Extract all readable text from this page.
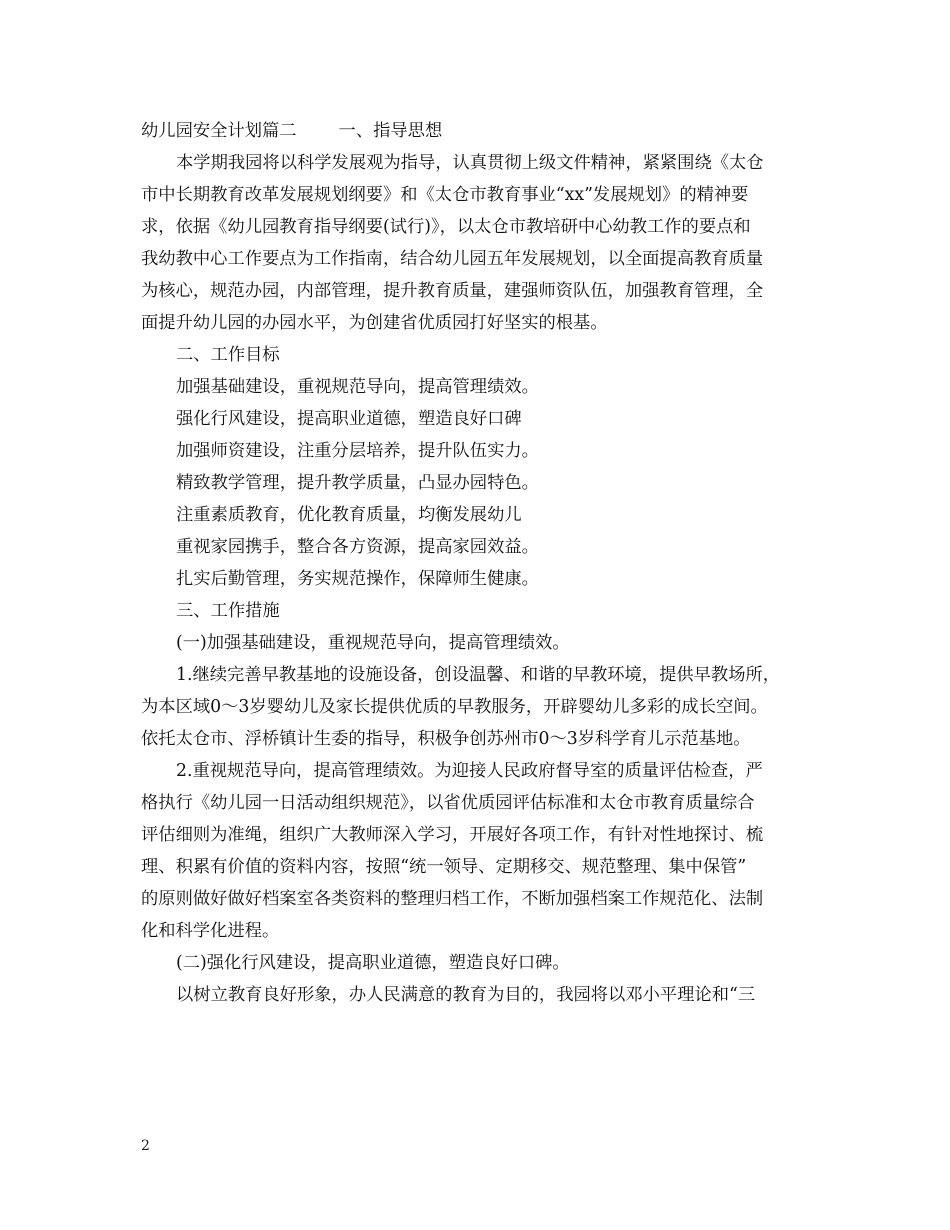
幼儿园安全计划篇二 一、指导思想
本学期我园将以科学发展观为指导，认真贯彻上级文件精神，紧紧围绕《太仓
市中长期教育改革发展规划纲要》和《太仓市教育事业“xx”发展规划》的精神要
求，依据《幼儿园教育指导纲要(试行)》，以太仓市教培研中心幼教工作的要点和
我幼教中心工作要点为工作指南，结合幼儿园五年发展规划，以全面提高教育质量
为核心，规范办园，内部管理，提升教育质量，建强师资队伍，加强教育管理，全
面提升幼儿园的办园水平，为创建省优质园打好坚实的根基。
二、工作目标
加强基础建设，重视规范导向，提高管理绩效。
强化行风建设，提高职业道德，塑造良好口碑
加强师资建设，注重分层培养，提升队伍实力。
精致教学管理，提升教学质量，凸显办园特色。
注重素质教育，优化教育质量，均衡发展幼儿
重视家园携手，整合各方资源，提高家园效益。
扎实后勤管理，务实规范操作，保障师生健康。
三、工作措施
(一)加强基础建设，重视规范导向，提高管理绩效。
1.继续完善早教基地的设施设备，创设温馨、和谐的早教环境，提供早教场所，
为本区域0～3岁婴幼儿及家长提供优质的早教服务，开辟婴幼儿多彩的成长空间。
依托太仓市、浮桥镇计生委的指导，积极争创苏州市0～3岁科学育儿示范基地。
2.重视规范导向，提高管理绩效。为迎接人民政府督导室的质量评估检查，严
格执行《幼儿园一日活动组织规范》，以省优质园评估标准和太仓市教育质量综合
评估细则为准绳，组织广大教师深入学习，开展好各项工作，有针对性地探讨、梳
理、积累有价值的资料内容，按照“统一领导、定期移交、规范整理、集中保管”
的原则做好做好档案室各类资料的整理归档工作，不断加强档案工作规范化、法制
化和科学化进程。
(二)强化行风建设，提高职业道德，塑造良好口碑。
以树立教育良好形象，办人民满意的教育为目的，我园将以邓小平理论和“三
2
